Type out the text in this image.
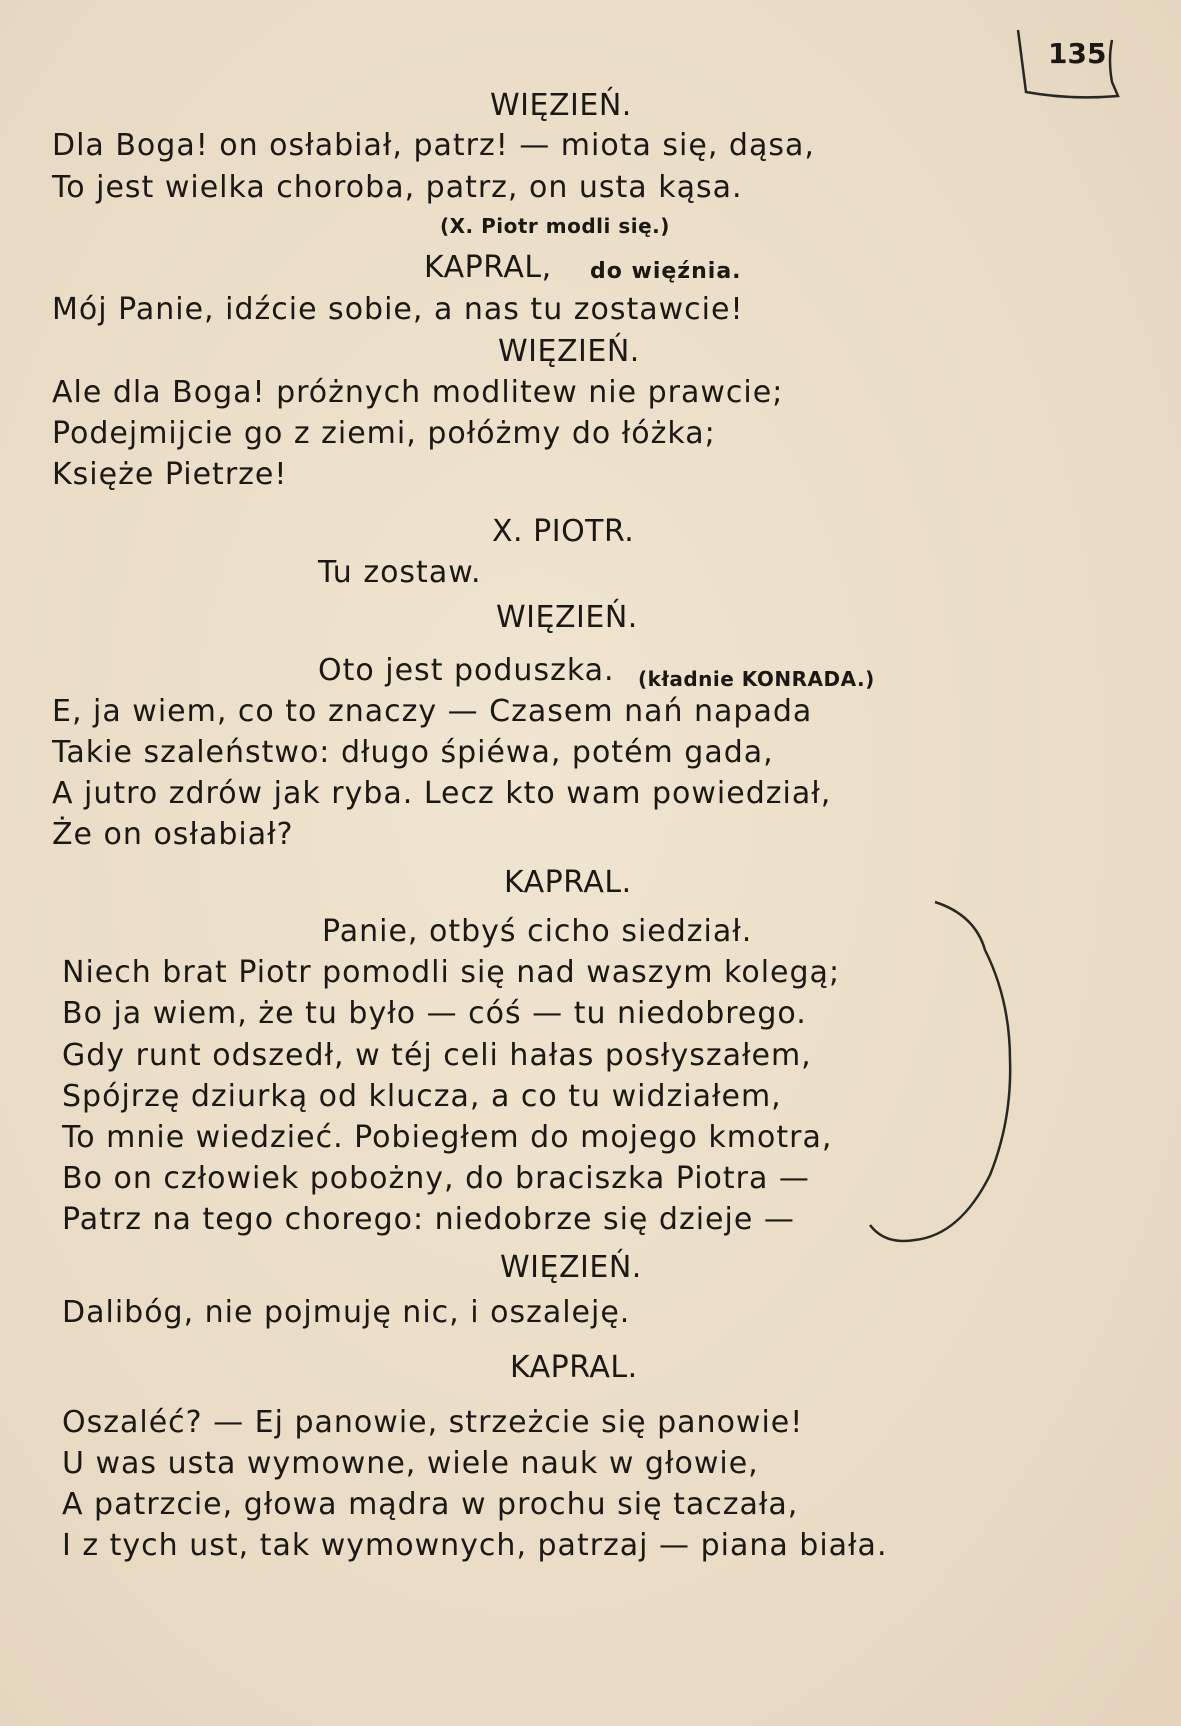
135
WIĘZIEŃ.
Dla Boga! on osłabiał, patrz! — miota się, dąsa,
To jest wielka choroba, patrz, on usta kąsa.
(X. Piotr modli się.)
KAPRAL, do więźnia.
Mój Panie, idźcie sobie, a nas tu zostawcie!
WIĘZIEŃ.
Ale dla Boga! próżnych modlitew nie prawcie;
Podejmijcie go z ziemi, połóżmy do łóżka;
Księże Pietrze!
X. PIOTR.
Tu zostaw.
WIĘZIEŃ.
Oto jest poduszka. (kładnie KONRADA.)
E, ja wiem, co to znaczy — Czasem nań napada
Takie szaleństwo: długo śpiéwa, potém gada,
A jutro zdrów jak ryba. Lecz kto wam powiedział,
Że on osłabiał?
KAPRAL.
Panie, otbyś cicho siedział.
Niech brat Piotr pomodli się nad waszym kolegą;
Bo ja wiem, że tu było — cóś — tu niedobrego.
Gdy runt odszedł, w téj celi hałas posłyszałem,
Spójrzę dziurką od klucza, a co tu widziałem,
To mnie wiedzieć. Pobiegłem do mojego kmotra,
Bo on człowiek pobożny, do braciszka Piotra —
Patrz na tego chorego: niedobrze się dzieje —
WIĘZIEŃ.
Dalibóg, nie pojmuję nic, i oszaleję.
KAPRAL.
Oszaléć? — Ej panowie, strzeżcie się panowie!
U was usta wymowne, wiele nauk w głowie,
A patrzcie, głowa mądra w prochu się taczała,
I z tych ust, tak wymownych, patrzaj — piana biała.
